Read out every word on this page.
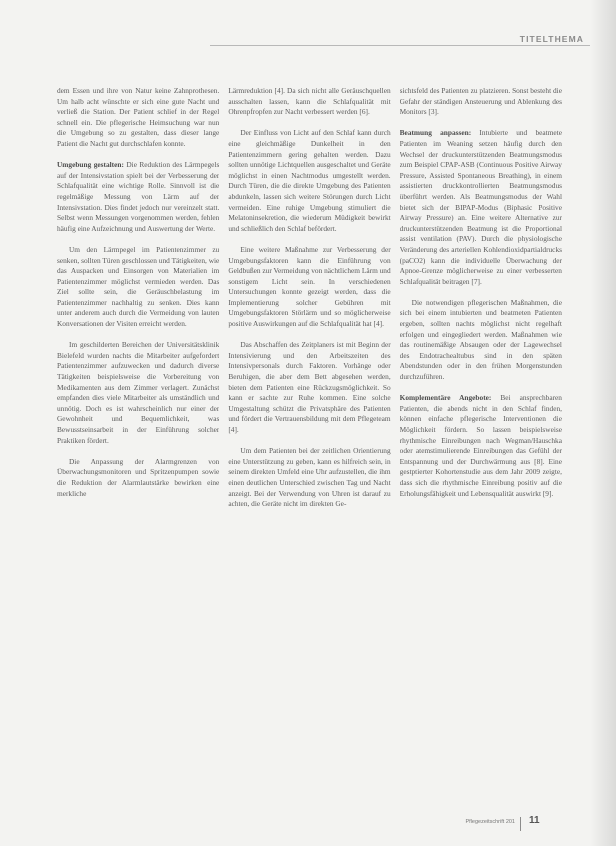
TITELTHEMA

dem Essen und ihre von Natur keine Zahnprothesen. Um halb acht wünschte er sich eine gute Nacht und verließ die Station. Der Patient schlief in der Regel schnell ein. Die pflegerische Heimsuchung war nun die Umgebung so zu gestalten, dass dieser lange Patient die Nacht gut durchschlafen konnte.

Umgebung gestalten: Die Reduktion des Lärmpegels auf der Intensivstation spielt bei der Verbesserung der Schlafqualität eine wichtige Rolle. Sinnvoll ist die regelmäßige Messung von Lärm auf der Intensivstation. Dies findet jedoch nur vereinzelt statt. Selbst wenn Messungen vorgenommen werden, fehlen häufig eine Aufzeichnung und Auswertung der Werte.

Um den Lärmpegel im Patientenzimmer zu senken, sollten Türen geschlossen und Tätigkeiten, wie das Auspacken und Einsorgen von Materialien im Patientenzimmer möglichst vermieden werden. Das Ziel sollte sein, die Geräuschbelastung im Patientenzimmer nachhaltig zu senken. Dies kann unter anderem auch durch die Vermeidung von lauten Konversationen der Visiten erreicht werden.

Im geschilderten Bereichen der Universitätsklinik Bielefeld wurden nachts die Mitarbeiter aufgefordert Patientenzimmer aufzuwecken und dadurch diverse Tätigkeiten beispielsweise die Vorbereitung von Medikamenten aus dem Zimmer verlagert. Zunächst empfanden dies viele Mitarbeiter als umständlich und unnötig. Doch es ist wahrscheinlich nur einer der Gewohnheit und Bequemlichkeit, was Bewusstseinsarbeit in der Einführung solcher Praktiken fördert.

Die Anpassung der Alarmgrenzen von Überwachungsmonitoren und Spritzenpumpen sowie die Reduktion der Alarmlautstärke bewirken eine merkliche

Lärmreduktion [4]. Da sich nicht alle Geräuschquellen ausschalten lassen, kann die Schlafqualität mit Ohrenpfropfen zur Nacht verbessert werden [6].

Der Einfluss von Licht auf den Schlaf kann durch eine gleichmäßige Dunkelheit in den Patientenzimmern gering gehalten werden. Dazu sollten unnötige Lichtquellen ausgeschaltet und Geräte möglichst in einen Nachtmodus umgestellt werden. Durch Türen, die die direkte Umgebung des Patienten abdunkeln, lassen sich weitere Störungen durch Licht vermeiden. Eine ruhige Umgebung stimuliert die Melatoninsekretion, die wiederum Müdigkeit bewirkt und schließlich den Schlaf befördert.

Eine weitere Maßnahme zur Verbesserung der Umgebungsfaktoren kann die Einführung von Geldbußen zur Vermeidung von nächtlichem Lärm und sonstigem Licht sein. In verschiedenen Untersuchungen konnte gezeigt werden, dass die Implementierung solcher Gebühren mit Umgebungsfaktoren Störlärm und so möglicherweise positive Auswirkungen auf die Schlafqualität hat [4].

Das Abschaffen des Zeitplaners ist mit Beginn der Intensivierung und den Arbeitszeiten des Intensivpersonals durch Faktoren. Vorhänge oder Beruhigen, die aber dem Bett abgesehen werden, bieten dem Patienten eine Rückzugsmöglichkeit. So kann er sachte zur Ruhe kommen. Eine solche Umgestaltung schützt die Privatsphäre des Patienten und fördert die Vertrauensbildung mit dem Pflegeteam [4].

Um dem Patienten bei der zeitlichen Orientierung eine Unterstützung zu geben, kann es hilfreich sein, in seinem direkten Umfeld eine Uhr aufzustellen, die ihm einen deutlichen Unterschied zwischen Tag und Nacht anzeigt. Bei der Verwendung von Uhren ist darauf zu achten, die Geräte nicht im direkten Ge-

sichtsfeld des Patienten zu platzieren. Sonst besteht die Gefahr der ständigen Ansteuerung und Ablenkung des Monitors [3].

Beatmung anpassen: Intubierte und beatmete Patienten im Weaning setzen häufig durch den Wechsel der druckunterstützenden Beatmungsmodus zum Beispiel CPAP-ASB (Continuous Positive Airway Pressure, Assisted Spontaneous Breathing), in einem assistierten druckkontrollierten Beatmungsmodus überführt werden. Als Beatmungsmodus der Wahl bietet sich der BIPAP-Modus (Biphasic Positive Airway Pressure) an. Eine weitere Alternative zur druckunterstützenden Beatmung ist die Proportional assist ventilation (PAV). Durch die physiologische Veränderung des arteriellen Kohlendioxidpartialdrucks (paCO2) kann die individuelle Überwachung der Apnoe-Grenze möglicherweise zu einer verbesserten Schlafqualität beitragen [7].

Die notwendigen pflegerischen Maßnahmen, die sich bei einem intubierten und beatmeten Patienten ergeben, sollten nachts möglichst nicht regelhaft erfolgen und eingegliedert werden. Maßnahmen wie das routinemäßige Absaugen oder der Lagewechsel des Endotrachealtubus sind in den späten Abendstunden oder in den frühen Morgenstunden durchzuführen.

Komplementäre Angebote: Bei ansprechbaren Patienten, die abends nicht in den Schlaf finden, können einfache pflegerische Interventionen die Möglichkeit fördern. So lassen beispielsweise rhythmische Einreibungen nach Wegman/Hauschka oder atemstimulierende Einreibungen das Gefühl der Entspannung und der Durchwärmung aus [8]. Eine gestptierter Kohortenstudie aus dem Jahr 2009 zeigte, dass sich die rhythmische Einreibung positiv auf die Erholungsfähigkeit und Lebensqualität auswirkt [9].

Pflegezeitschrift 201 11
